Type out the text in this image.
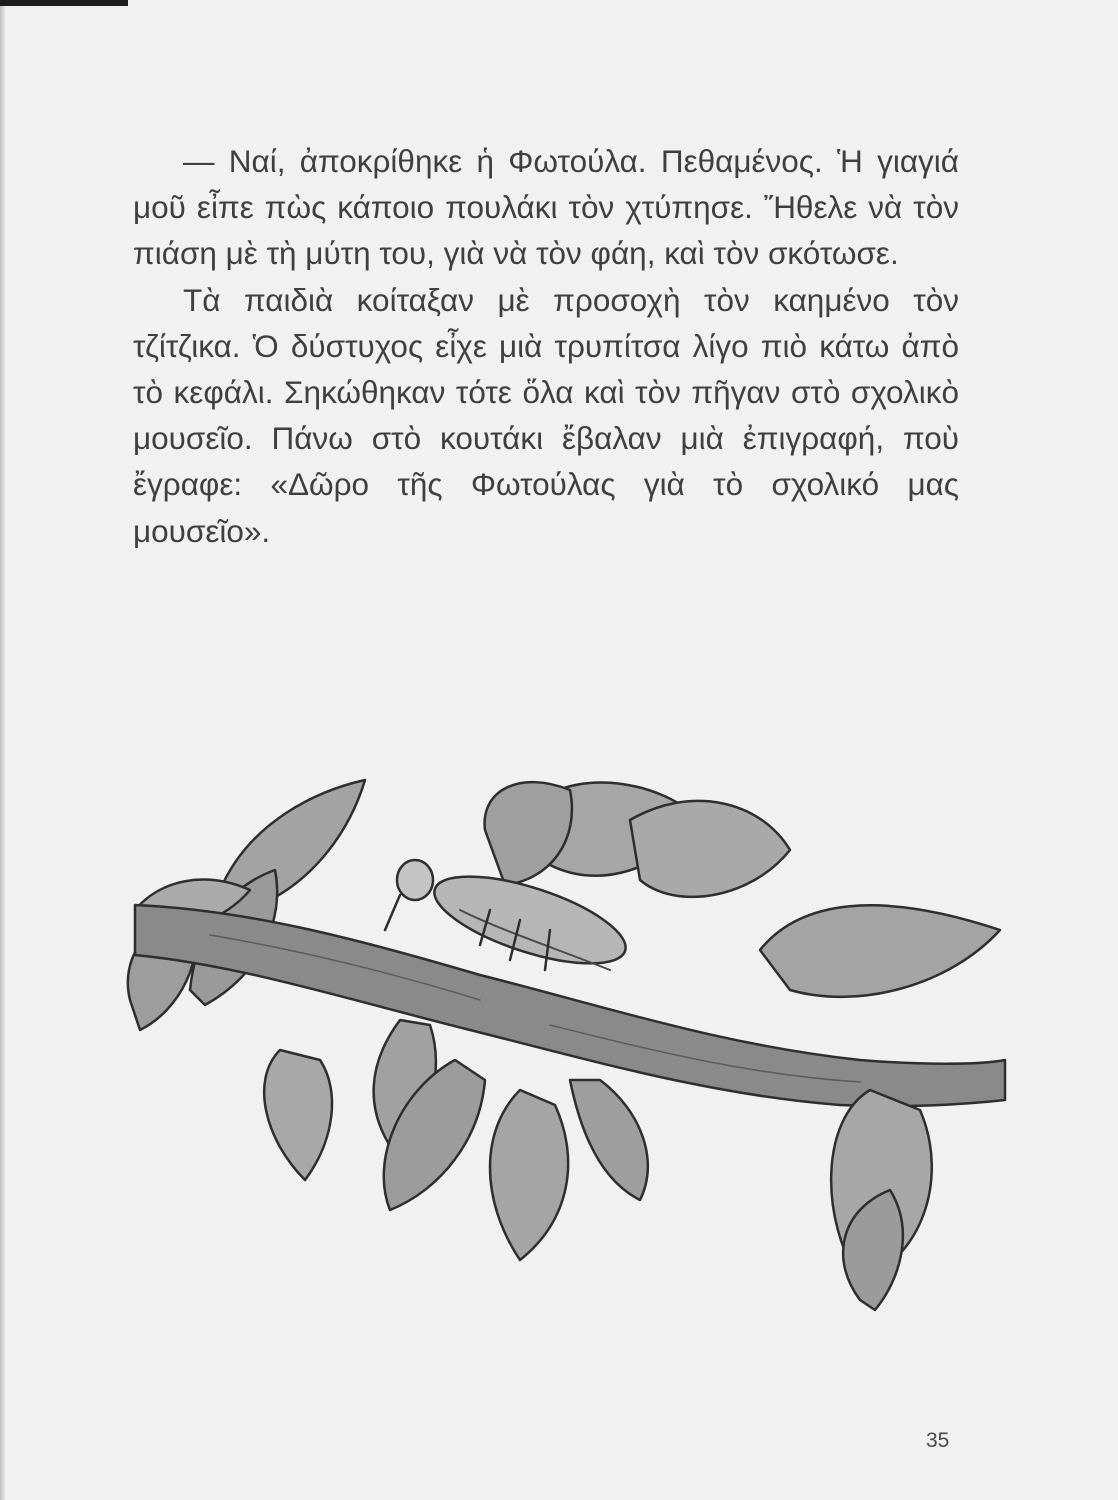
— Ναί, ἀποκρίθηκε ἡ Φωτούλα. Πεθαμένος. Ἡ γιαγιά μοῦ εἶπε πὼς κάποιο πουλάκι τὸν χτύπησε. Ἤθελε νὰ τὸν πιάση μὲ τὴ μύτη του, γιὰ νὰ τὸν φάη, καὶ τὸν σκότωσε.

Τὰ παιδιὰ κοίταξαν μὲ προσοχὴ τὸν καημένο τὸν τζίτζικα. Ὁ δύστυχος εἶχε μιὰ τρυπίτσα λίγο πιὸ κάτω ἀπὸ τὸ κεφάλι. Σηκώθηκαν τότε ὅλα καὶ τὸν πῆγαν στὸ σχολικὸ μουσεῖο. Πάνω στὸ κουτάκι ἔβαλαν μιὰ ἐπιγραφή, ποὺ ἔγραφε: «Δῶρο τῆς Φωτούλας γιὰ τὸ σχολικό μας μουσεῖο».

35
